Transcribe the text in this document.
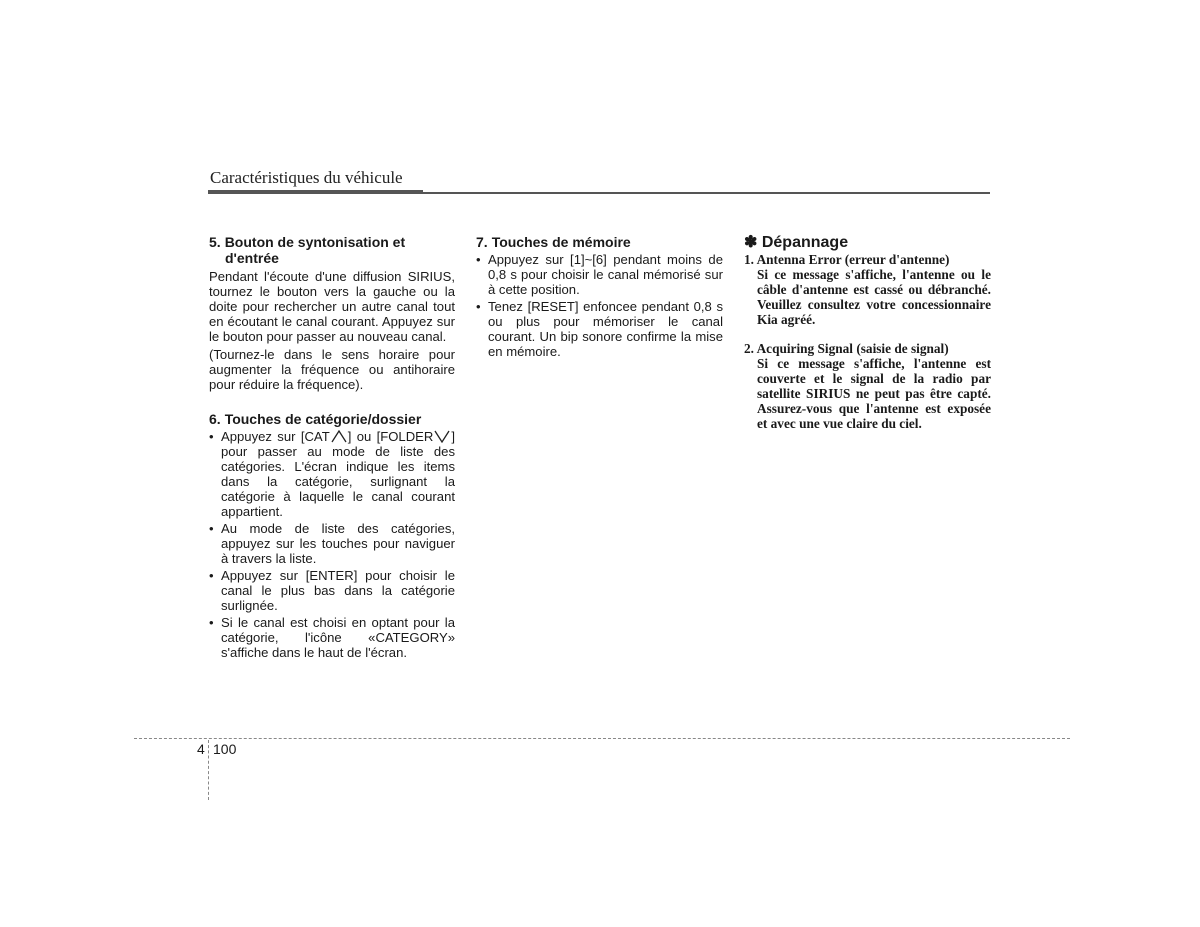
Caractéristiques du véhicule
5. Bouton de syntonisation et
d'entrée

Pendant l'écoute d'une diffusion SIRIUS, tournez le bouton vers la gauche ou la doite pour rechercher un autre canal tout en écoutant le canal courant. Appuyez sur le bouton pour passer au nouveau canal.

(Tournez-le dans le sens horaire pour augmenter la fréquence ou antihoraire pour réduire la fréquence).

6. Touches de catégorie/dossier
• Appuyez sur [CAT ] ou [FOLDER ] pour passer au mode de liste des catégories. L'écran indique les items dans la catégorie, surlignant la catégorie à laquelle le canal courant appartient.
• Au mode de liste des catégories, appuyez sur les touches pour naviguer à travers la liste.
• Appuyez sur [ENTER] pour choisir le canal le plus bas dans la catégorie surlignée.
• Si le canal est choisi en optant pour la catégorie, l'icône «CATEGORY» s'affiche dans le haut de l'écran.
7. Touches de mémoire
• Appuyez sur [1]~[6] pendant moins de 0,8 s pour choisir le canal mémorisé sur à cette position.
• Tenez [RESET] enfoncee pendant 0,8 s ou plus pour mémoriser le canal courant. Un bip sonore confirme la mise en mémoire.
✽ Dépannage
1. Antenna Error (erreur d'antenne)
Si ce message s'affiche, l'antenne ou le câble d'antenne est cassé ou débranché. Veuillez consultez votre concessionnaire Kia agréé.
2. Acquiring Signal (saisie de signal)
Si ce message s'affiche, l'antenne est couverte et le signal de la radio par satellite SIRIUS ne peut pas être capté. Assurez-vous que l'antenne est exposée et avec une vue claire du ciel.
4 100
